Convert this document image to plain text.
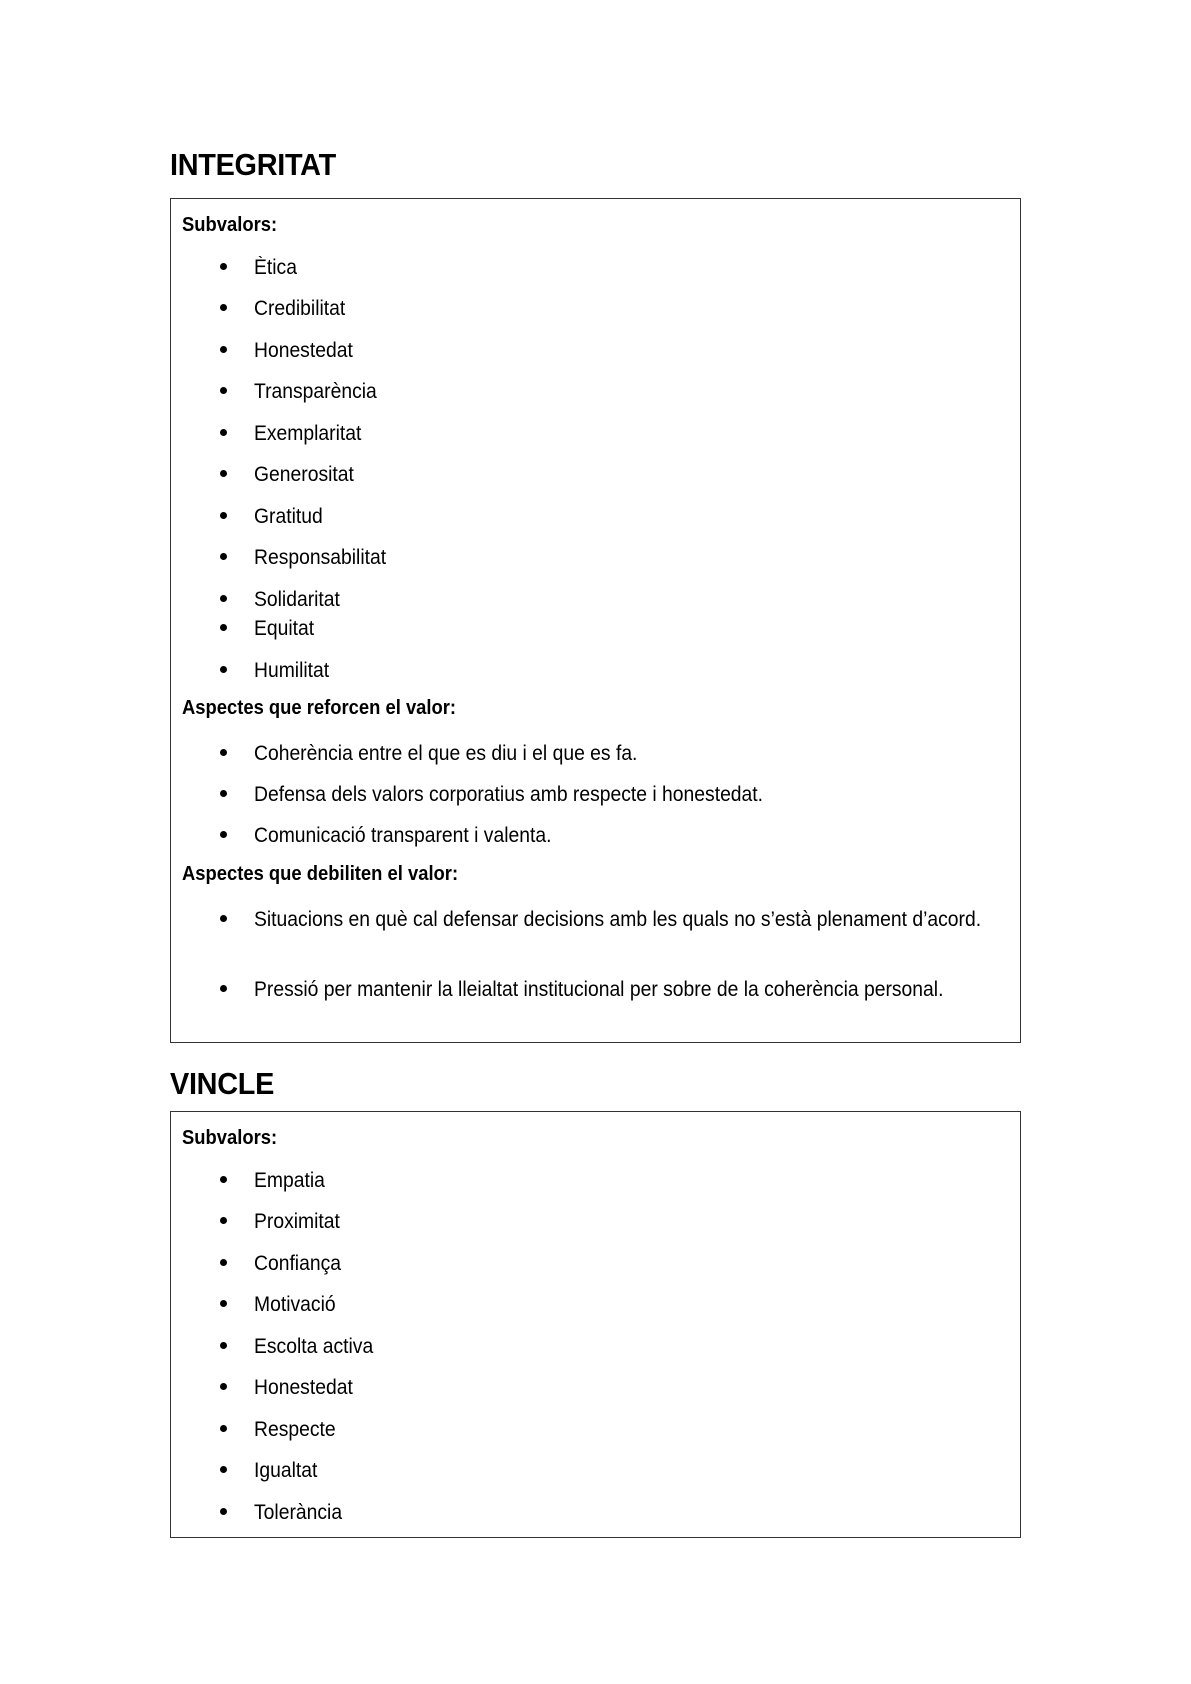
INTEGRITAT
Subvalors:
Ètica
Credibilitat
Honestedat
Transparència
Exemplaritat
Generositat
Gratitud
Responsabilitat
Solidaritat
Equitat
Humilitat
Aspectes que reforcen el valor:
Coherència entre el que es diu i el que es fa.
Defensa dels valors corporatius amb respecte i honestedat.
Comunicació transparent i valenta.
Aspectes que debiliten el valor:
Situacions en què cal defensar decisions amb les quals no s’està plenament d’acord.
Pressió per mantenir la lleialtat institucional per sobre de la coherència personal.
VINCLE
Subvalors:
Empatia
Proximitat
Confiança
Motivació
Escolta activa
Honestedat
Respecte
Igualtat
Tolerància
